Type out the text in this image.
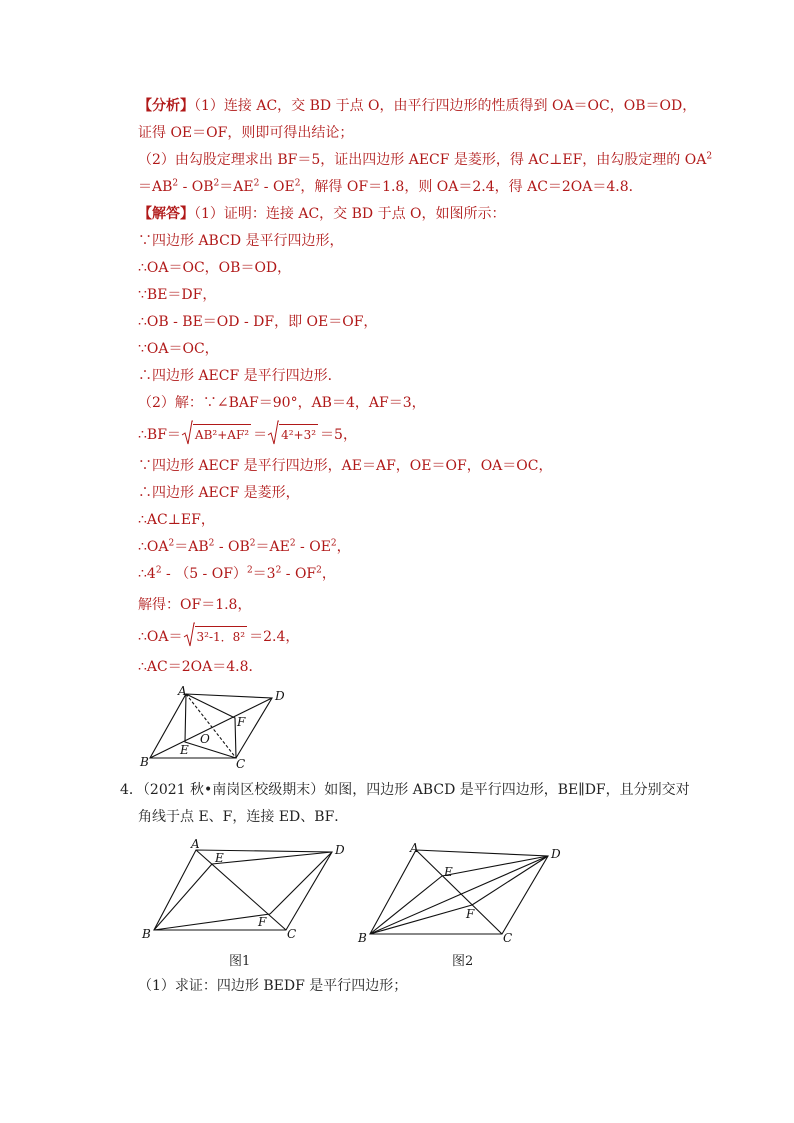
【分析】（1）连接 AC，交 BD 于点 O，由平行四边形的性质得到 OA＝OC，OB＝OD，
证得 OE＝OF，则即可得出结论；
（2）由勾股定理求出 BF＝5，证出四边形 AECF 是菱形，得 AC⊥EF，由勾股定理的 $OA^2$
$=AB^2 - OB^2=AE^2 - OE^2$，解得 OF＝1.8，则 OA＝2.4，得 AC＝2OA＝4.8．
【解答】（1）证明：连接 AC，交 BD 于点 O，如图所示：
∵四边形 ABCD 是平行四边形，
∴OA＝OC，OB＝OD，
∵BE＝DF，
∴OB - BE＝OD - DF，即 OE＝OF，
∵OA＝OC，
∴四边形 AECF 是平行四边形．
（2）解：∵∠BAF＝90°，AB＝4，AF＝3，
∴BF＝ AB²+AF² ＝ 4²+3² ＝5，
∵四边形 AECF 是平行四边形，AE＝AF，OE＝OF，OA＝OC，
∴四边形 AECF 是菱形，
∴AC⊥EF，
$\therefore OA^2=AB^2 - OB^2=AE^2 - OE^2$，
$\therefore 4^2 - (5 - OF)^2=3^2 - OF^2$，
解得：OF＝1.8，
∴OA＝ 3²-1．8² ＝2.4，
∴AC＝2OA＝4.8．
A	D
B	C
E
F
O
4．（2021 秋•南岗区校级期末）如图，四边形 ABCD 是平行四边形，BE∥DF，且分别交对
角线于点 E、F，连接 ED、BF．
A	D
B	C
E
F
图1
A	D
B	C
E
F
图2
（1）求证：四边形 BEDF 是平行四边形；
